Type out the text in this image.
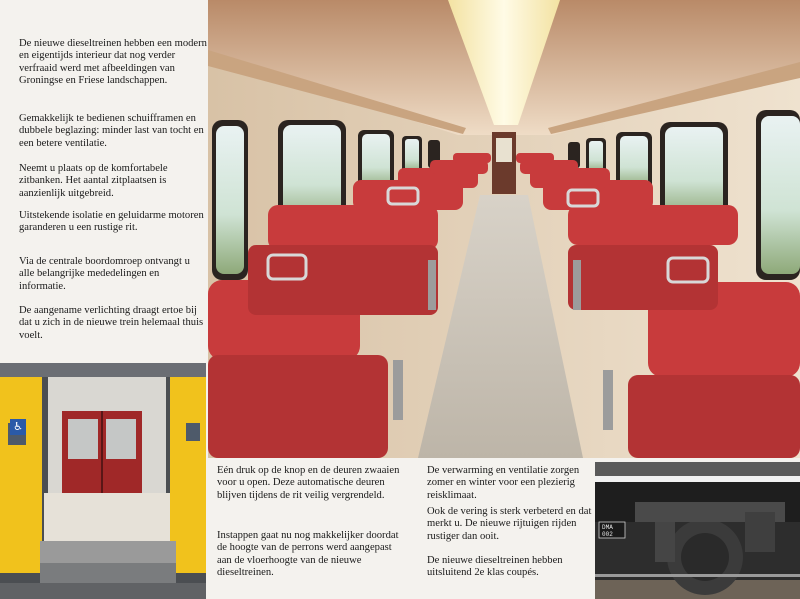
De nieuwe dieseltreinen hebben een modern en eigentijds interieur dat nog verder verfraaid werd met afbeeldingen van Groningse en Friese landschappen.

Gemakkelijk te bedienen schuifframen en dubbele beglazing: minder last van tocht en een betere ventilatie.

Neemt u plaats op de komfortabele zitbanken. Het aantal zitplaatsen is aanzienlijk uitgebreid.

Uitstekende isolatie en geluidarme motoren garanderen u een rustige rit.

Via de centrale boordomroep ontvangt u alle belangrijke mededelingen en informatie.

De aangename verlichting draagt ertoe bij dat u zich in de nieuwe trein helemaal thuis voelt.

♿
DMA
002

Eén druk op de knop en de deuren zwaaien voor u open. Deze automatische deuren blijven tijdens de rit veilig vergrendeld.

Instappen gaat nu nog makkelijker doordat de hoogte van de perrons werd aangepast aan de vloerhoogte van de nieuwe dieseltreinen.

De verwarming en ventilatie zorgen zomer en winter voor een plezierig reisklimaat.

Ook de vering is sterk verbeterd en dat merkt u. De nieuwe rijtuigen rijden rustiger dan ooit.

De nieuwe dieseltreinen hebben uitsluitend 2e klas coupés.
